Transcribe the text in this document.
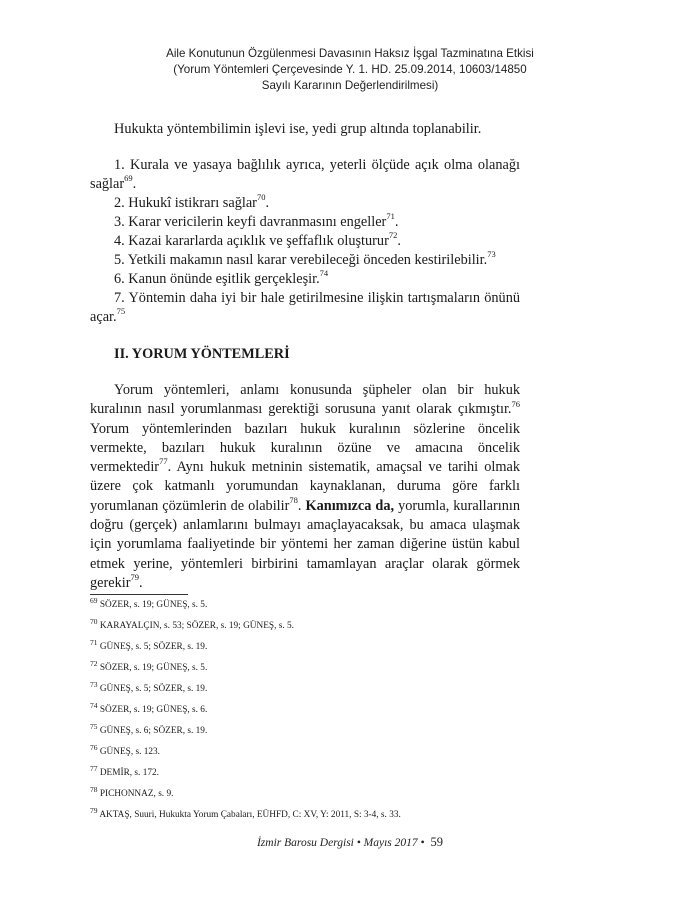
Aile Konutunun Özgülenmesi Davasının Haksız İşgal Tazminatına Etkisi
(Yorum Yöntemleri Çerçevesinde Y. 1. HD. 25.09.2014, 10603/14850
Sayılı Kararının Değerlendirilmesi)
Hukukta yöntembilimin işlevi ise, yedi grup altında toplanabilir.
1. Kurala ve yasaya bağlılık ayrıca, yeterli ölçüde açık olma olanağı sağlar$^{69}$.
2. Hukukî istikrarı sağlar$^{70}$.
3. Karar vericilerin keyfi davranmasını engeller$^{71}$.
4. Kazai kararlarda açıklık ve şeffaflık oluşturur$^{72}$.
5. Yetkili makamın nasıl karar verebileceği önceden kestirilebilir.$^{73}$
6. Kanun önünde eşitlik gerçekleşir.$^{74}$
7. Yöntemin daha iyi bir hale getirilmesine ilişkin tartışmaların önünü açar.$^{75}$
II. YORUM YÖNTEMLERİ
Yorum yöntemleri, anlamı konusunda şüpheler olan bir hukuk kuralının nasıl yorumlanması gerektiği sorusuna yanıt olarak çıkmıştır.$^{76}$ Yorum yöntemlerinden bazıları hukuk kuralının sözlerine öncelik vermekte, bazıları hukuk kuralının özüne ve amacına öncelik vermektedir$^{77}$. Aynı hukuk metninin sistematik, amaçsal ve tarihi olmak üzere çok katmanlı yorumundan kaynaklanan, duruma göre farklı yorumlanan çözümlerin de olabilir$^{78}$. Kanımızca da, yorumla, kurallarının doğru (gerçek) anlamlarını bulmayı amaçlayacaksak, bu amaca ulaşmak için yorumlama faaliyetinde bir yöntemi her zaman diğerine üstün kabul etmek yerine, yöntemleri birbirini tamamlayan araçlar olarak görmek gerekir$^{79}$.
$^{69}$ SÖZER, s. 19; GÜNEŞ, s. 5.
$^{70}$ KARAYALÇIN, s. 53; SÖZER, s. 19; GÜNEŞ, s. 5.
$^{71}$ GÜNEŞ, s. 5; SÖZER, s. 19.
$^{72}$ SÖZER, s. 19; GÜNEŞ, s. 5.
$^{73}$ GÜNEŞ, s. 5; SÖZER, s. 19.
$^{74}$ SÖZER, s. 19; GÜNEŞ, s. 6.
$^{75}$ GÜNEŞ, s. 6; SÖZER, s. 19.
$^{76}$ GÜNEŞ, s. 123.
$^{77}$ DEMİR, s. 172.
$^{78}$ PICHONNAZ, s. 9.
$^{79}$ AKTAŞ, Suuri, Hukukta Yorum Çabaları, EÜHFD, C: XV, Y: 2011, S: 3-4, s. 33.
İzmir Barosu Dergisi • Mayıs 2017 • 59
